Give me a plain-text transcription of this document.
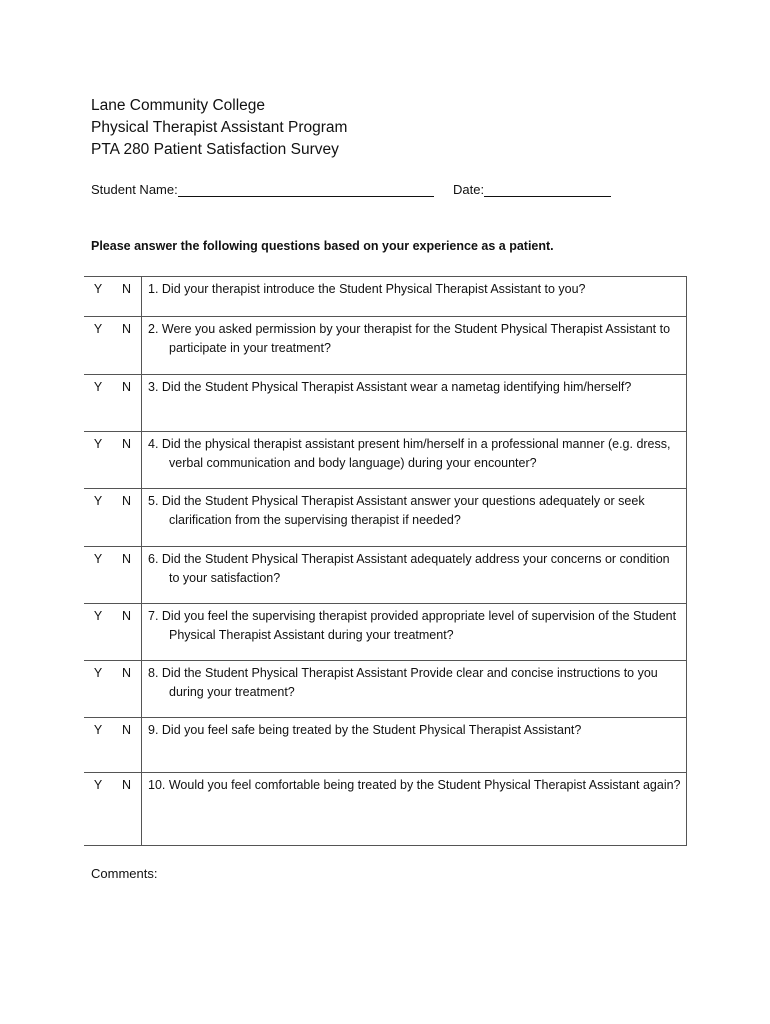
Lane Community College
Physical Therapist Assistant Program
PTA 280 Patient Satisfaction Survey
Student Name:	Date:
Please answer the following questions based on your experience as a patient.
Y	N	1. Did your therapist introduce the Student Physical Therapist Assistant to you?

Y	N	2. Were you asked permission by your therapist for the Student Physical Therapist Assistant to participate in your treatment?

Y	N	3. Did the Student Physical Therapist Assistant wear a nametag identifying him/herself?

Y	N	4. Did the physical therapist assistant present him/herself in a professional manner (e.g. dress, verbal communication and body language) during your encounter?

Y	N	5. Did the Student Physical Therapist Assistant answer your questions adequately or seek clarification from the supervising therapist if needed?

Y	N	6. Did the Student Physical Therapist Assistant adequately address your concerns or condition to your satisfaction?

Y	N	7. Did you feel the supervising therapist provided appropriate level of supervision of the Student Physical Therapist Assistant during your treatment?

Y	N	8. Did the Student Physical Therapist Assistant Provide clear and concise instructions to you during your treatment?

Y	N	9. Did you feel safe being treated by the Student Physical Therapist Assistant?

Y	N	10. Would you feel comfortable being treated by the Student Physical Therapist Assistant again?
Comments:
